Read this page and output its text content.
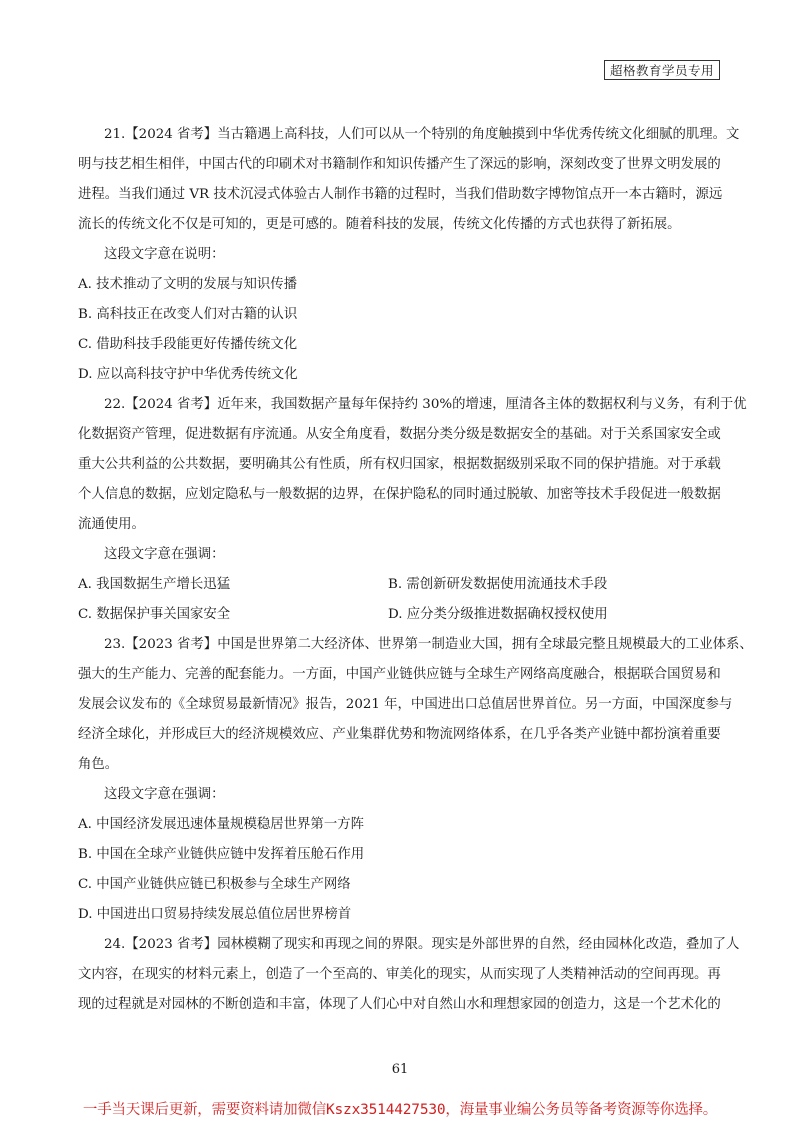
超格教育学员专用
21.【2024 省考】当古籍遇上高科技，人们可以从一个特别的角度触摸到中华优秀传统文化细腻的肌理。文
明与技艺相生相伴，中国古代的印刷术对书籍制作和知识传播产生了深远的影响，深刻改变了世界文明发展的
进程。当我们通过 VR 技术沉浸式体验古人制作书籍的过程时，当我们借助数字博物馆点开一本古籍时，源远
流长的传统文化不仅是可知的，更是可感的。随着科技的发展，传统文化传播的方式也获得了新拓展。
这段文字意在说明：
A. 技术推动了文明的发展与知识传播
B. 高科技正在改变人们对古籍的认识
C. 借助科技手段能更好传播传统文化
D. 应以高科技守护中华优秀传统文化
22.【2024 省考】近年来，我国数据产量每年保持约 30%的增速，厘清各主体的数据权利与义务，有利于优
化数据资产管理，促进数据有序流通。从安全角度看，数据分类分级是数据安全的基础。对于关系国家安全或
重大公共利益的公共数据，要明确其公有性质，所有权归国家，根据数据级别采取不同的保护措施。对于承载
个人信息的数据，应划定隐私与一般数据的边界，在保护隐私的同时通过脱敏、加密等技术手段促进一般数据
流通使用。
这段文字意在强调：
A. 我国数据生产增长迅猛	B. 需创新研发数据使用流通技术手段
C. 数据保护事关国家安全	D. 应分类分级推进数据确权授权使用
23.【2023 省考】中国是世界第二大经济体、世界第一制造业大国，拥有全球最完整且规模最大的工业体系、
强大的生产能力、完善的配套能力。一方面，中国产业链供应链与全球生产网络高度融合，根据联合国贸易和
发展会议发布的《全球贸易最新情况》报告，2021 年，中国进出口总值居世界首位。另一方面，中国深度参与
经济全球化，并形成巨大的经济规模效应、产业集群优势和物流网络体系，在几乎各类产业链中都扮演着重要
角色。
这段文字意在强调：
A. 中国经济发展迅速体量规模稳居世界第一方阵
B. 中国在全球产业链供应链中发挥着压舱石作用
C. 中国产业链供应链已积极参与全球生产网络
D. 中国进出口贸易持续发展总值位居世界榜首
24.【2023 省考】园林模糊了现实和再现之间的界限。现实是外部世界的自然，经由园林化改造，叠加了人
文内容，在现实的材料元素上，创造了一个至高的、审美化的现实，从而实现了人类精神活动的空间再现。再
现的过程就是对园林的不断创造和丰富，体现了人们心中对自然山水和理想家园的创造力，这是一个艺术化的
61
一手当天课后更新，需要资料请加微信Kszx3514427530，海量事业编公务员等备考资源等你选择。
